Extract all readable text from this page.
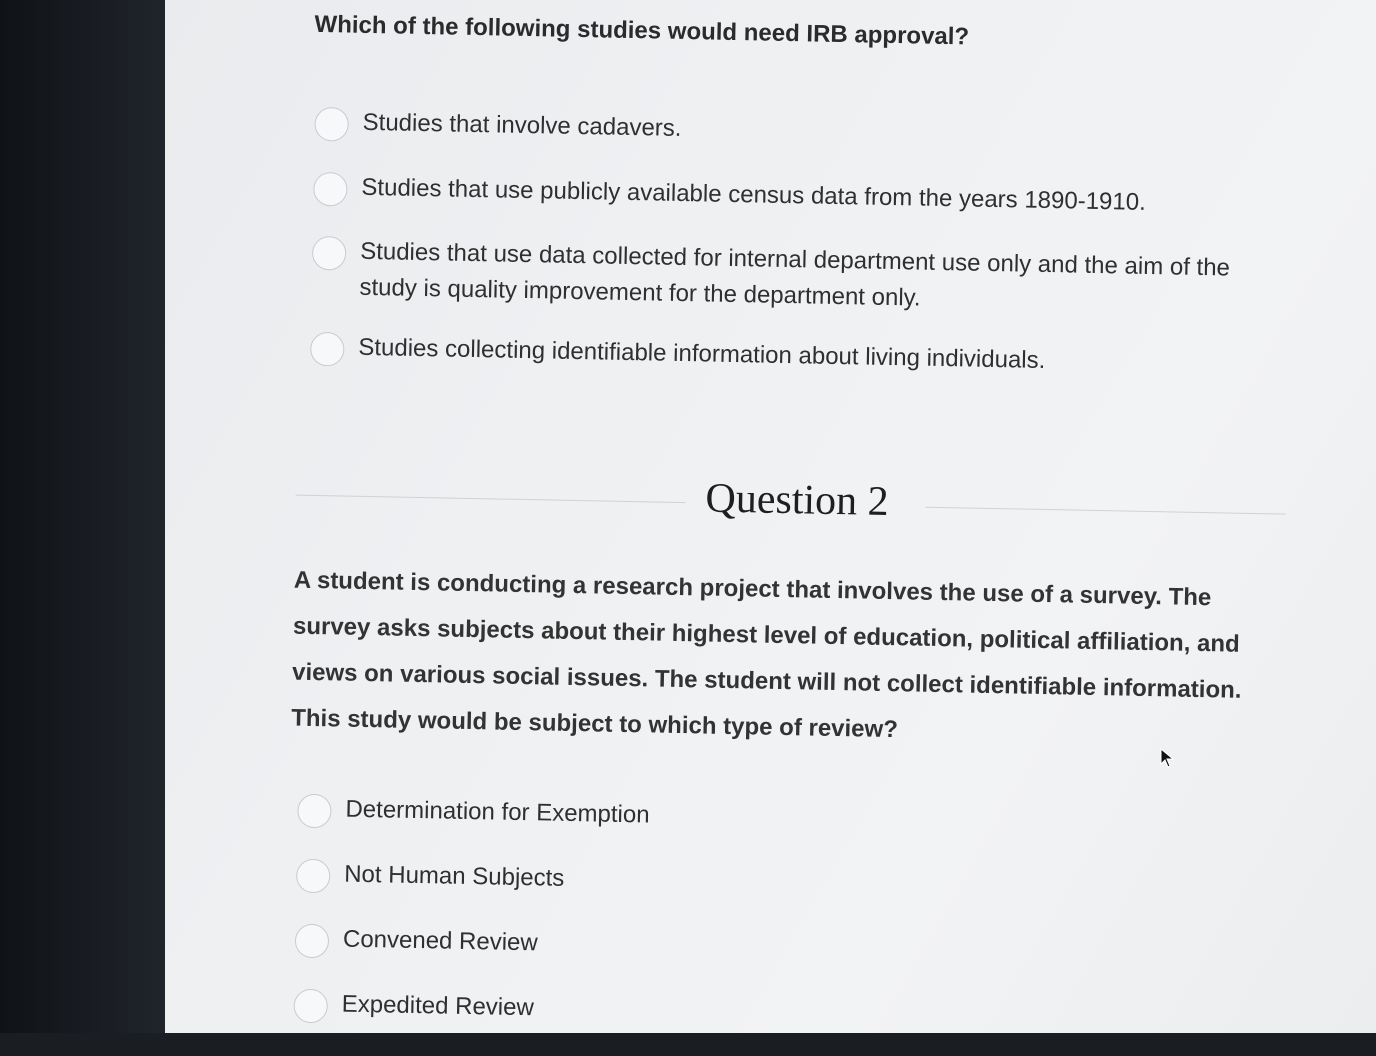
Which of the following studies would need IRB approval?
Studies that involve cadavers.
Studies that use publicly available census data from the years 1890-1910.
Studies that use data collected for internal department use only and the aim of the study is quality improvement for the department only.
Studies collecting identifiable information about living individuals.
Question 2
A student is conducting a research project that involves the use of a survey. The survey asks subjects about their highest level of education, political affiliation, and views on various social issues. The student will not collect identifiable information. This study would be subject to which type of review?
Determination for Exemption
Not Human Subjects
Convened Review
Expedited Review
